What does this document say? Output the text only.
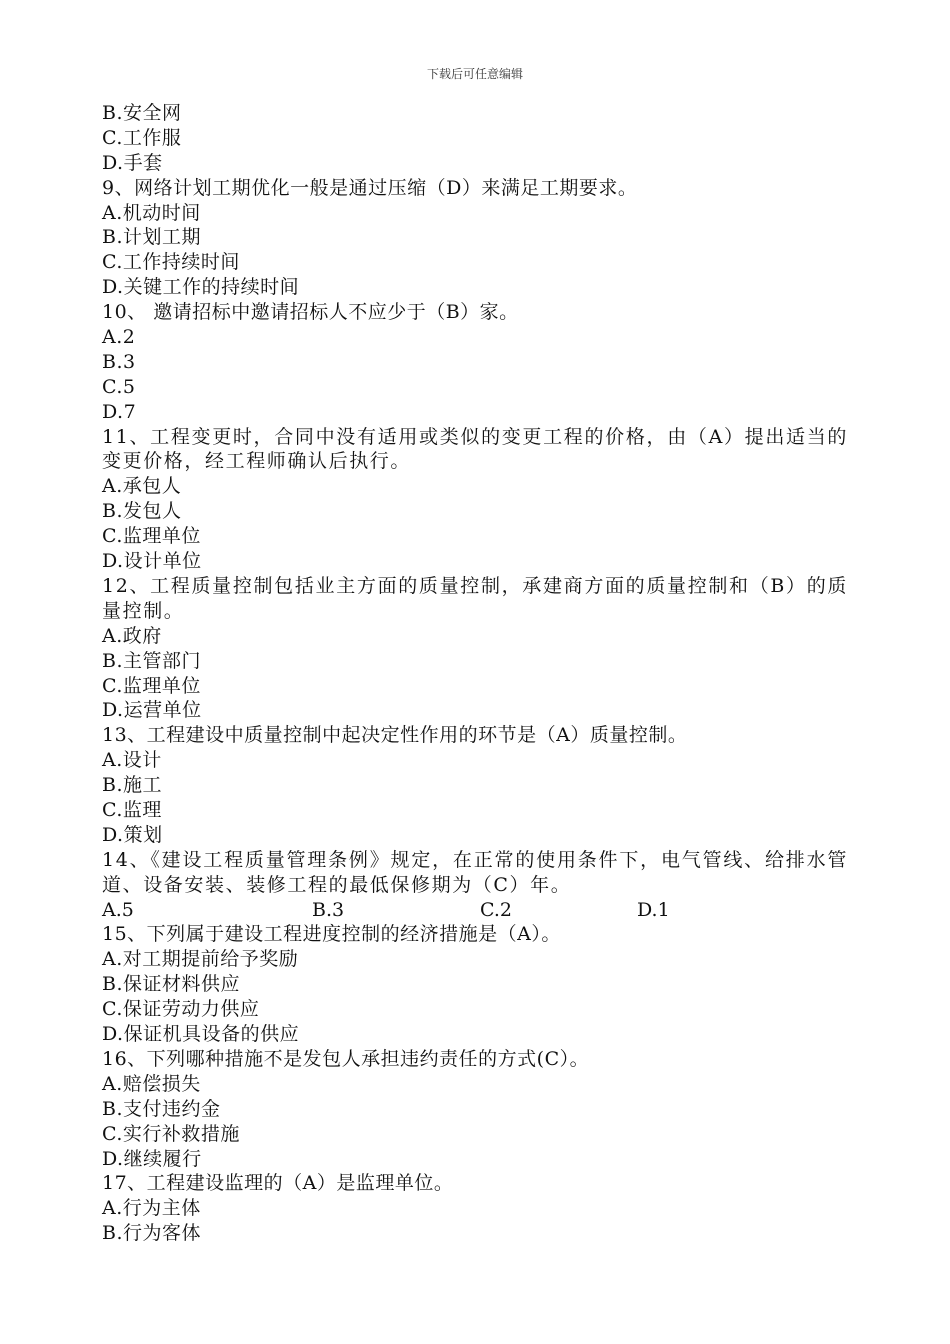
下载后可任意编辑
B.安全网
C.工作服
D.手套
9、网络计划工期优化一般是通过压缩（D）来满足工期要求。
A.机动时间
B.计划工期
C.工作持续时间
D.关键工作的持续时间
10、 邀请招标中邀请招标人不应少于（B）家。
A.2
B.3
C.5
D.7
11、工程变更时，合同中没有适用或类似的变更工程的价格，由（A）提出适当的变更价格，经工程师确认后执行。
A.承包人
B.发包人
C.监理单位
D.设计单位
12、工程质量控制包括业主方面的质量控制，承建商方面的质量控制和（B）的质量控制。
A.政府
B.主管部门
C.监理单位
D.运营单位
13、工程建设中质量控制中起决定性作用的环节是（A）质量控制。
A.设计
B.施工
C.监理
D.策划
14、《建设工程质量管理条例》规定，在正常的使用条件下，电气管线、给排水管道、设备安装、装修工程的最低保修期为（C）年。
A.5	B.3	C.2	D.1
15、下列属于建设工程进度控制的经济措施是（A）。
A.对工期提前给予奖励
B.保证材料供应
C.保证劳动力供应
D.保证机具设备的供应
16、下列哪种措施不是发包人承担违约责任的方式(C）。
A.赔偿损失
B.支付违约金
C.实行补救措施
D.继续履行
17、工程建设监理的（A）是监理单位。
A.行为主体
B.行为客体
